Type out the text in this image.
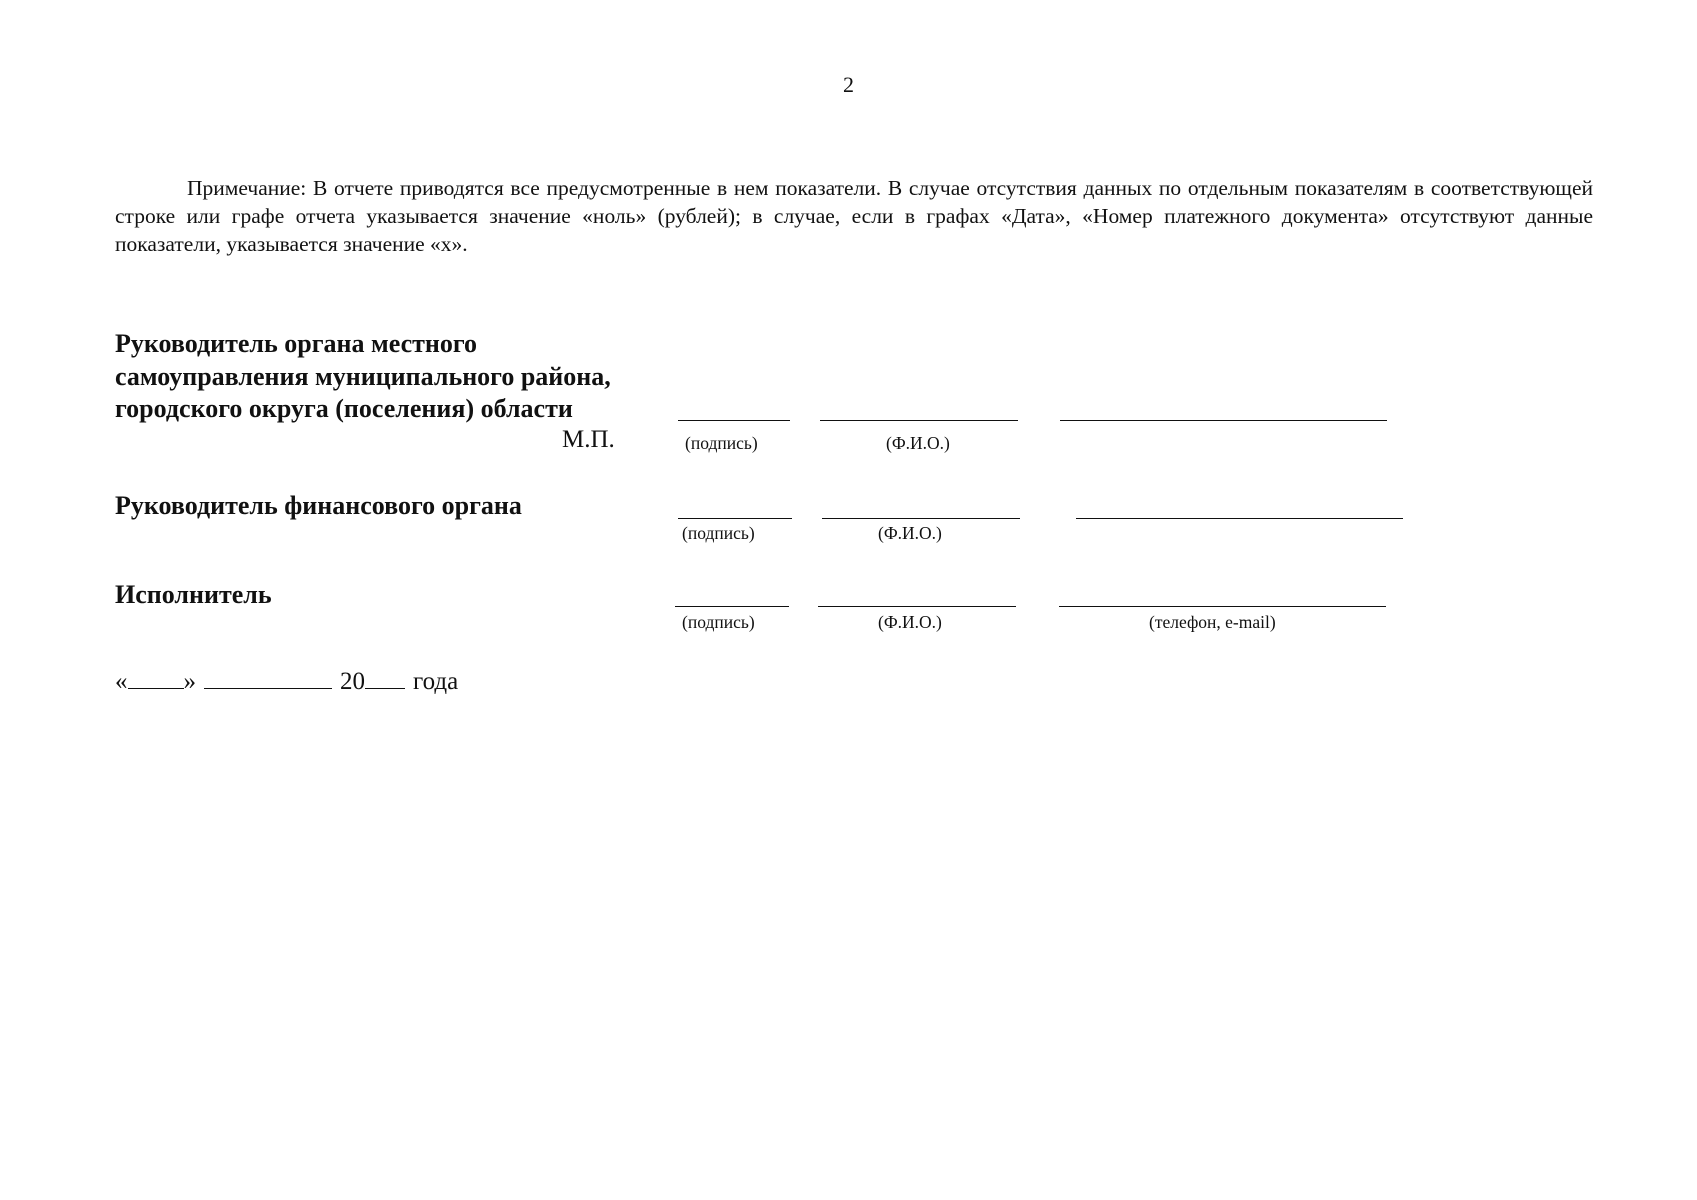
2

Примечание: В отчете приводятся все предусмотренные в нем показатели. В случае отсутствия данных по отдельным показателям в соответствующей строке или графе отчета указывается значение «ноль» (рублей); в случае, если в графах «Дата», «Номер платежного документа» отсутствуют данные показатели, указывается значение «х».

Руководитель органа местного
самоуправления муниципального района,
городского округа (поселения) области
М.П.	(подпись)	(Ф.И.О.)
Руководитель финансового органа
(подпись)	(Ф.И.О.)
Исполнитель
(подпись)	(Ф.И.О.)	(телефон, e-mail)
« »	20 года
